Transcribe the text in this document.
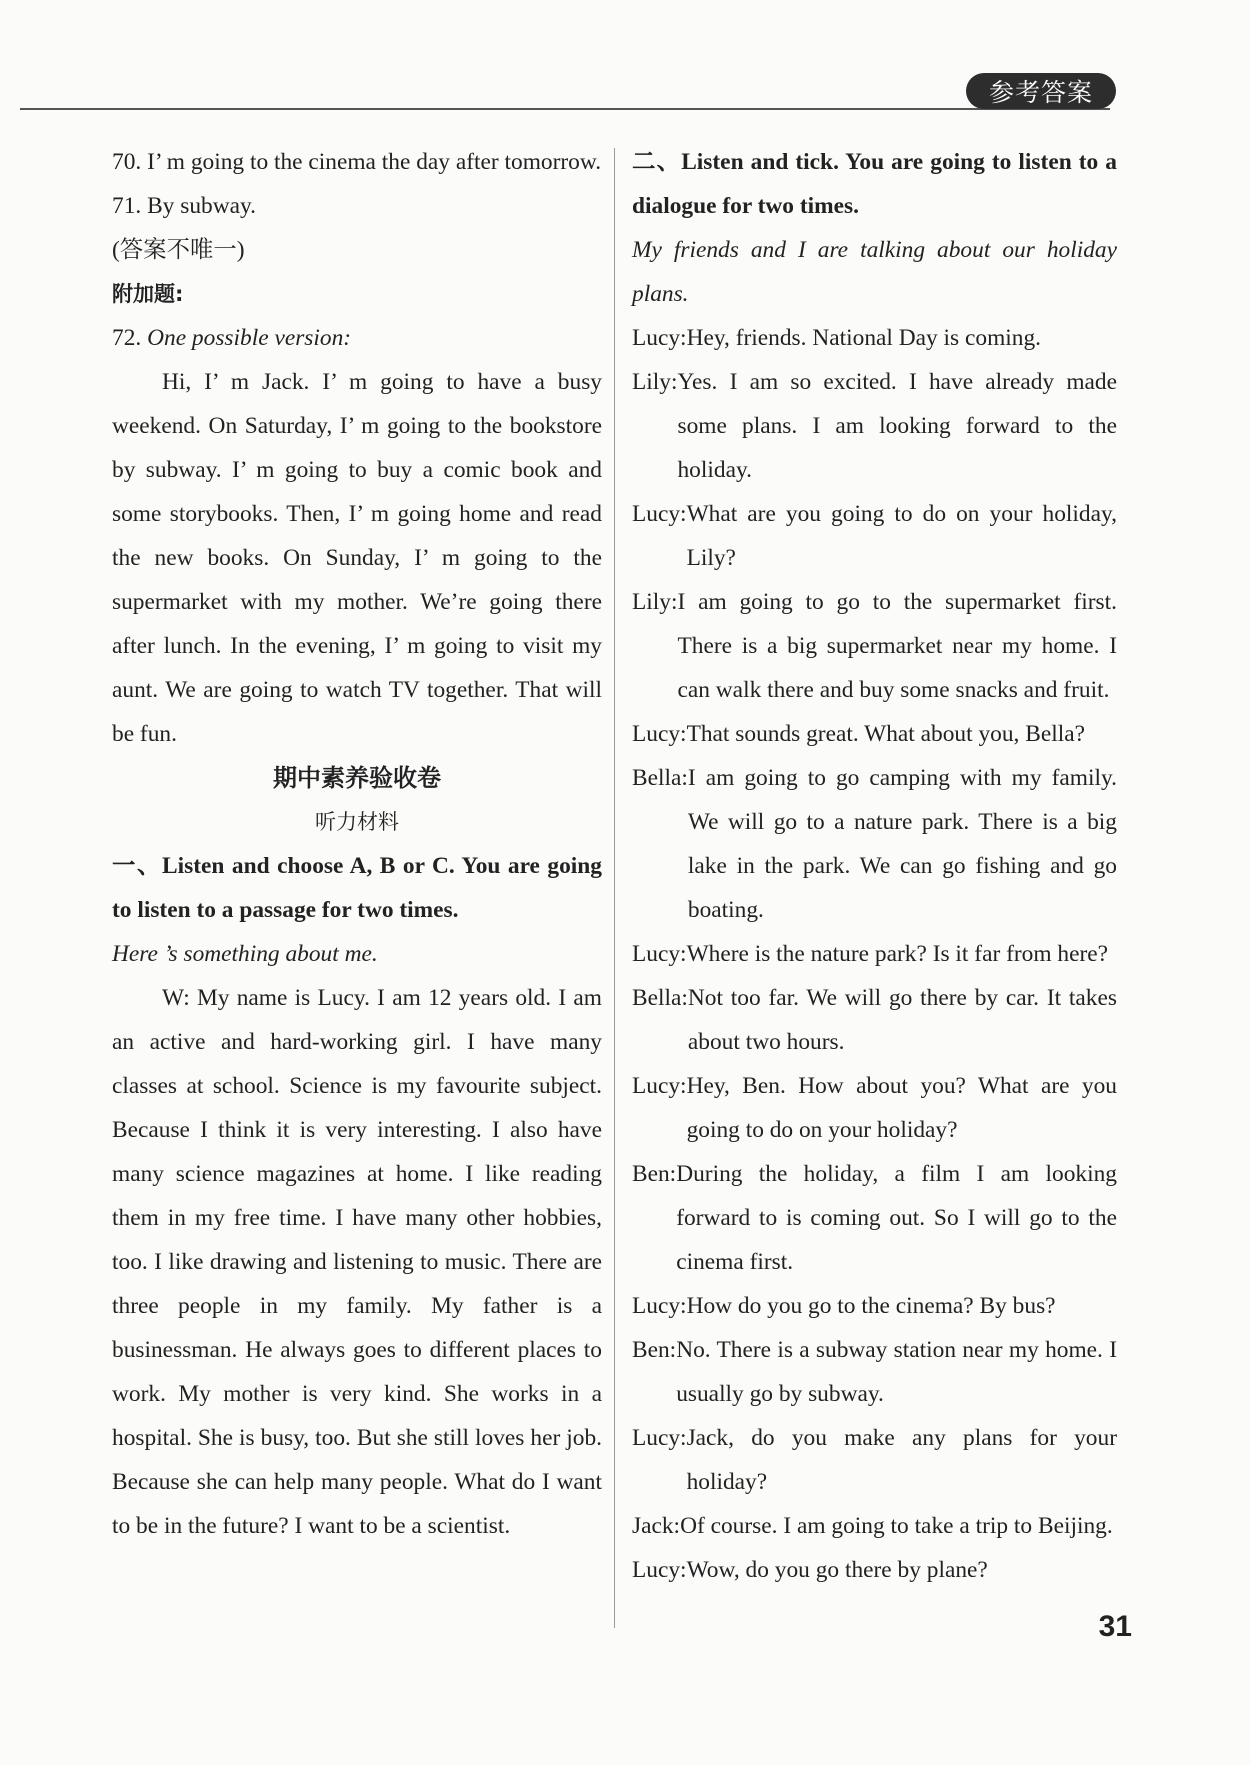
参考答案

70. I’ m going to the cinema the day after tomorrow.

71. By subway.

(答案不唯一)

附加题:

72. One possible version:

Hi, I’ m Jack. I’ m going to have a busy weekend. On Saturday, I’ m going to the bookstore by subway. I’ m going to buy a comic book and some storybooks. Then, I’ m going home and read the new books. On Sunday, I’ m going to the supermarket with my mother. We’re going there after lunch. In the evening, I’ m going to visit my aunt. We are going to watch TV together. That will be fun.

期中素养验收卷

听力材料

一、Listen and choose A, B or C. You are going to listen to a passage for two times.

Here ’s something about me.

W: My name is Lucy. I am 12 years old. I am an active and hard-working girl. I have many classes at school. Science is my favourite subject. Because I think it is very interesting. I also have many science magazines at home. I like reading them in my free time. I have many other hobbies, too. I like drawing and listening to music. There are three people in my family. My father is a businessman. He always goes to different places to work. My mother is very kind. She works in a hospital. She is busy, too. But she still loves her job. Because she can help many people. What do I want to be in the future? I want to be a scientist.

二、Listen and tick. You are going to listen to a dialogue for two times.

My friends and I are talking about our holiday plans.

Lucy: Hey, friends. National Day is coming.

Lily: Yes. I am so excited. I have already made some plans. I am looking forward to the holiday.

Lucy: What are you going to do on your holiday, Lily?

Lily: I am going to go to the supermarket first. There is a big supermarket near my home. I can walk there and buy some snacks and fruit.

Lucy: That sounds great. What about you, Bella?

Bella: I am going to go camping with my family. We will go to a nature park. There is a big lake in the park. We can go fishing and go boating.

Lucy: Where is the nature park? Is it far from here?

Bella: Not too far. We will go there by car. It takes about two hours.

Lucy: Hey, Ben. How about you? What are you going to do on your holiday?

Ben: During the holiday, a film I am looking forward to is coming out. So I will go to the cinema first.

Lucy: How do you go to the cinema? By bus?

Ben: No. There is a subway station near my home. I usually go by subway.

Lucy: Jack, do you make any plans for your holiday?

Jack: Of course. I am going to take a trip to Beijing.

Lucy: Wow, do you go there by plane?

31
